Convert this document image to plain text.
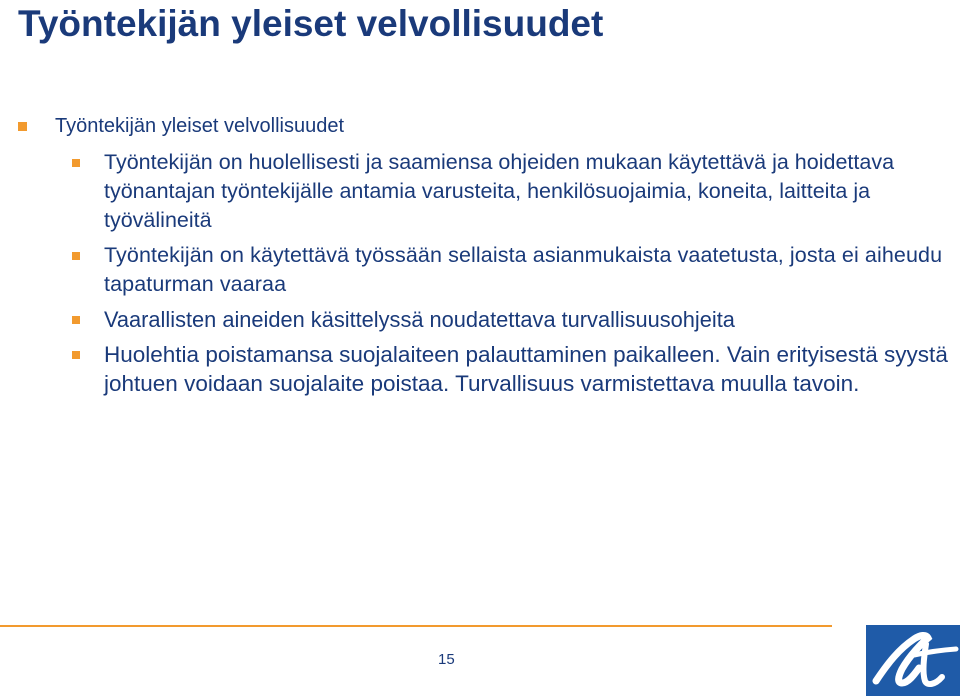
Työntekijän yleiset velvollisuudet
Työntekijän yleiset velvollisuudet
Työntekijän on huolellisesti ja saamiensa ohjeiden mukaan käytettävä ja hoidettava työnantajan työntekijälle antamia varusteita, henkilösuojaimia, koneita, laitteita ja työvälineitä
Työntekijän on käytettävä työssään sellaista asianmukaista vaatetusta, josta ei aiheudu tapaturman vaaraa
Vaarallisten aineiden käsittelyssä noudatettava turvallisuusohjeita
Huolehtia poistamansa suojalaiteen palauttaminen paikalleen. Vain erityisestä syystä johtuen voidaan suojalaite poistaa. Turvallisuus varmistettava muulla tavoin.
15
